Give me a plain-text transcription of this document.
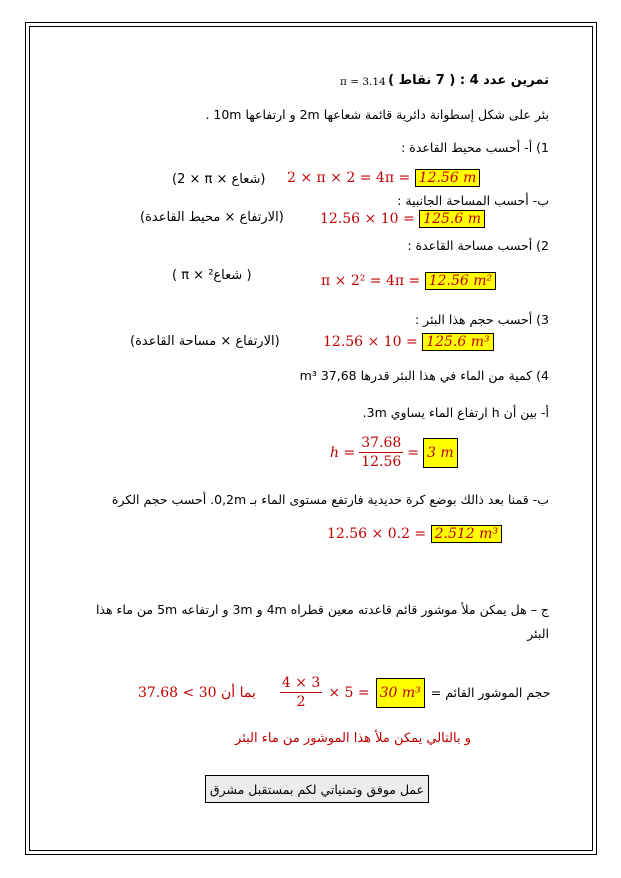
تمرين عدد 4 : ( 7 نقاط )
π = 3.14
بئر على شكل إسطوانة دائرية قائمة شعاعها 2m و ارتفاعها 10m .
1) أ- أحسب محيط القاعدة :
2 × π × 2 = 4π = 12.56 m
(2 × π × شعاع)
ب- أحسب المساحة الجانبية :
12.56 × 10 = 125.6 m
(الارتفاع × محيط القاعدة)
2) أحسب مساحة القاعدة :
π × 2² = 4π = 12.56 m²
( π × شعاع² )
3) أحسب حجم هذا البئر :
12.56 × 10 = 125.6 m³
(الارتفاع × مساحة القاعدة)
4) كمية من الماء في هذا البئر قدرها 37,68 m³
أ- بين أن h ارتفاع الماء يساوي 3m.
$h = \frac{37.68}{12.56} = 3$ m
ب- قمنا بعد ذالك بوضع كرة حديدية فارتفع مستوى الماء بـ 0,2m. أحسب حجم الكرة
12.56 × 0.2 = 2.512 m³
ج – هل يمكن ملأ موشور قائم قاعدته معين قطراه 4m و 3m و ارتفاعه 5m من ماء هذا
البئر
بما أن $30 > 37.68 \frac{4 \times 3}{2} \times 5 = 30$ m³ حجم الموشور القائم =
و بالتالي يمكن ملأ هذا الموشور من ماء البئر
عمل موفق وتمنياتي لكم بمستقبل مشرق
